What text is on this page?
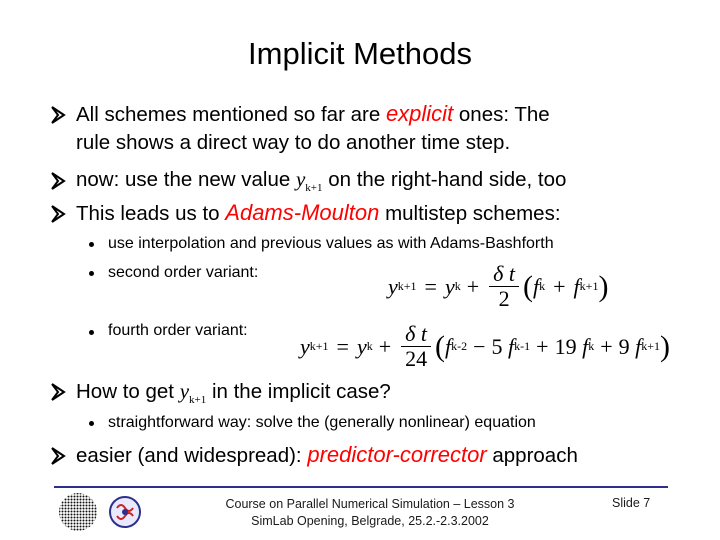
Implicit Methods
All schemes mentioned so far are explicit ones: The
rule shows a direct way to do another time step.
now: use the new value $y_{k+1}$ on the right-hand side, too
This leads us to Adams-Moulton multistep schemes:
use interpolation and previous values as with Adams-Bashforth
second order variant:
y k+1 = y $k + \frac{\text{δ t}}{2}$ ( f k + f k+1 )
fourth order variant:
y k+1 = y $k + \frac{\text{δ t}}{24}$ ( f k-2 − 5
f k-1 + 19
f k + 9
f k+1 )
How to get $y_{k+1}$ in the implicit case?
straightforward way: solve the (generally nonlinear) equation
easier (and widespread): predictor-corrector approach
Course on Parallel Numerical Simulation – Lesson 3
SimLab Opening, Belgrade, 25.2.-2.3.2002
Slide 7
